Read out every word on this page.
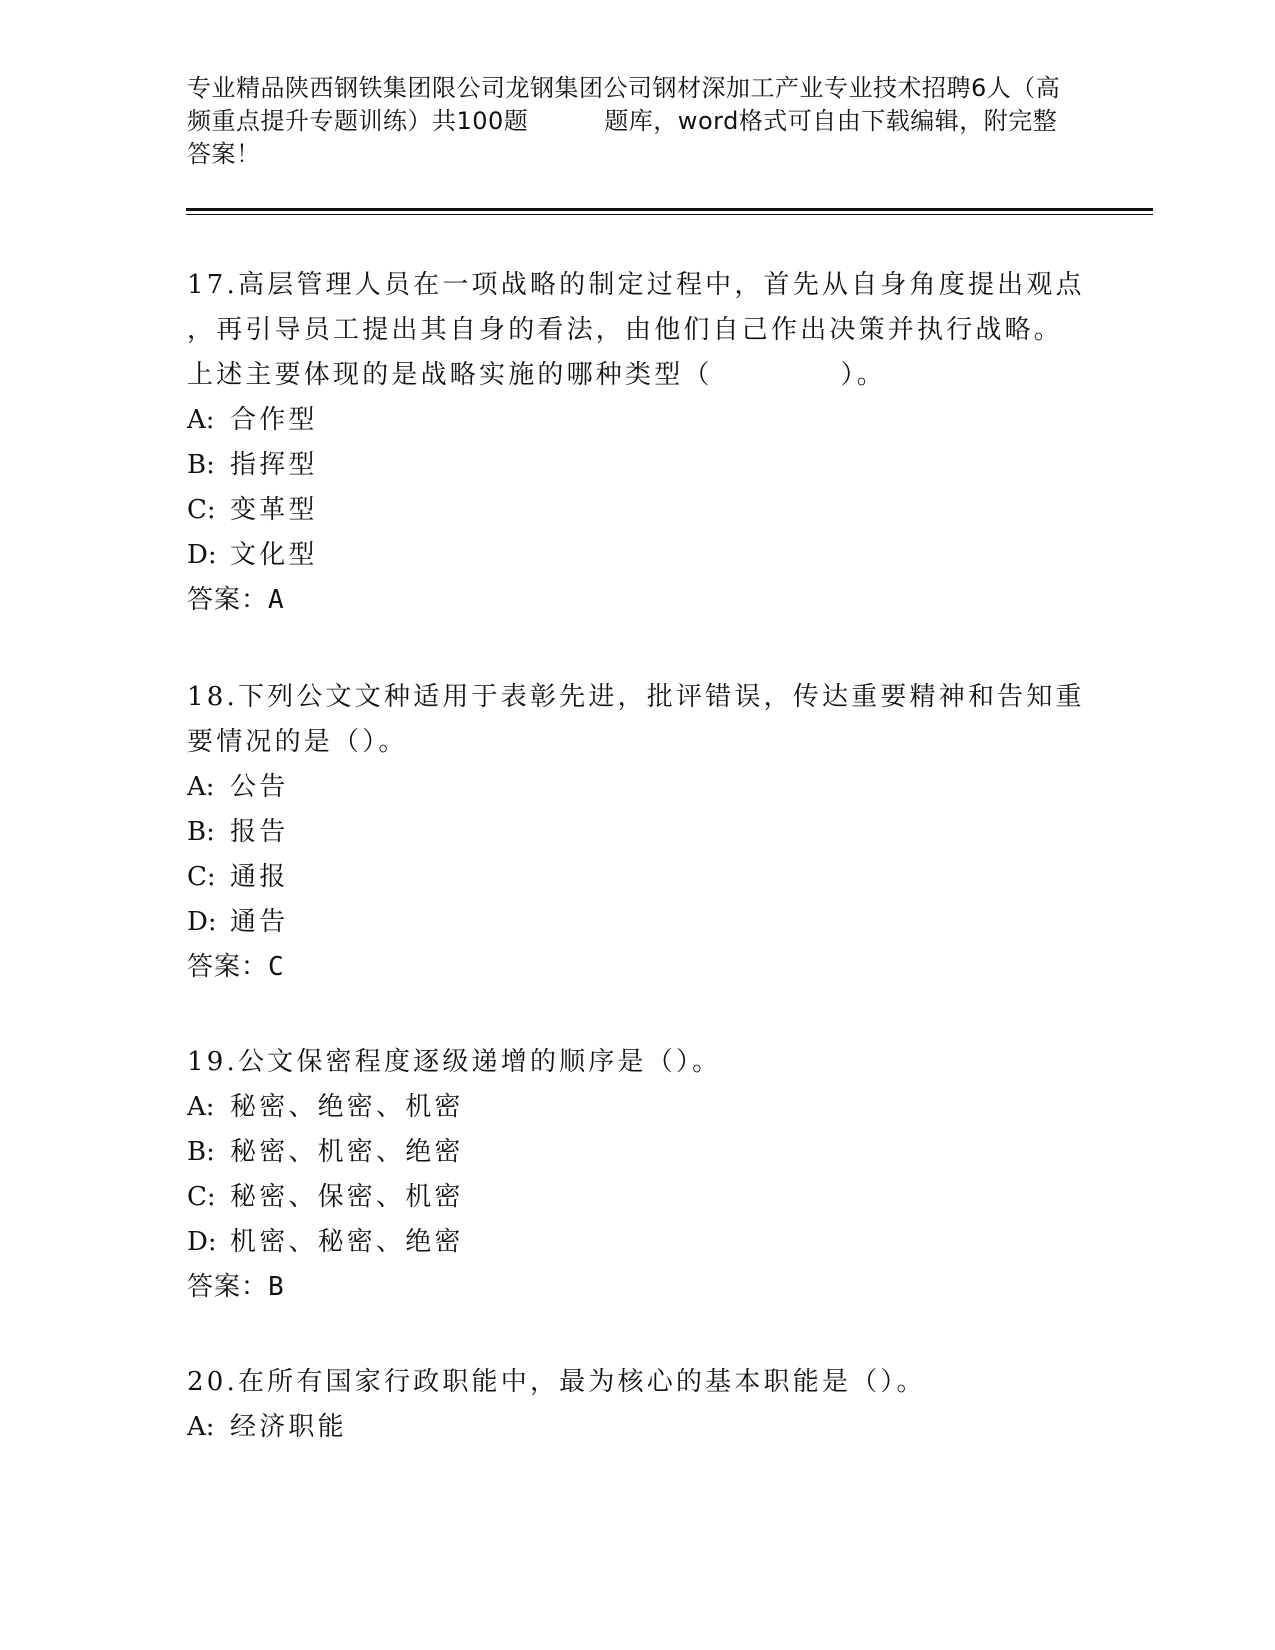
专业精品陕西钢铁集团限公司龙钢集团公司钢材深加工产业专业技术招聘6人（高
频重点提升专题训练）共100题	题库，word格式可自由下载编辑，附完整
答案！
17.高层管理人员在一项战略的制定过程中，首先从自身角度提出观点
，再引导员工提出其自身的看法，由他们自己作出决策并执行战略。
上述主要体现的是战略实施的哪种类型（	）。
A: 合作型
B: 指挥型
C: 变革型
D: 文化型
答案：A
18.下列公文文种适用于表彰先进，批评错误，传达重要精神和告知重
要情况的是（）。
A: 公告
B: 报告
C: 通报
D: 通告
答案：C
19.公文保密程度逐级递增的顺序是（）。
A: 秘密、绝密、机密
B: 秘密、机密、绝密
C: 秘密、保密、机密
D: 机密、秘密、绝密
答案：B
20.在所有国家行政职能中，最为核心的基本职能是（）。
A: 经济职能
